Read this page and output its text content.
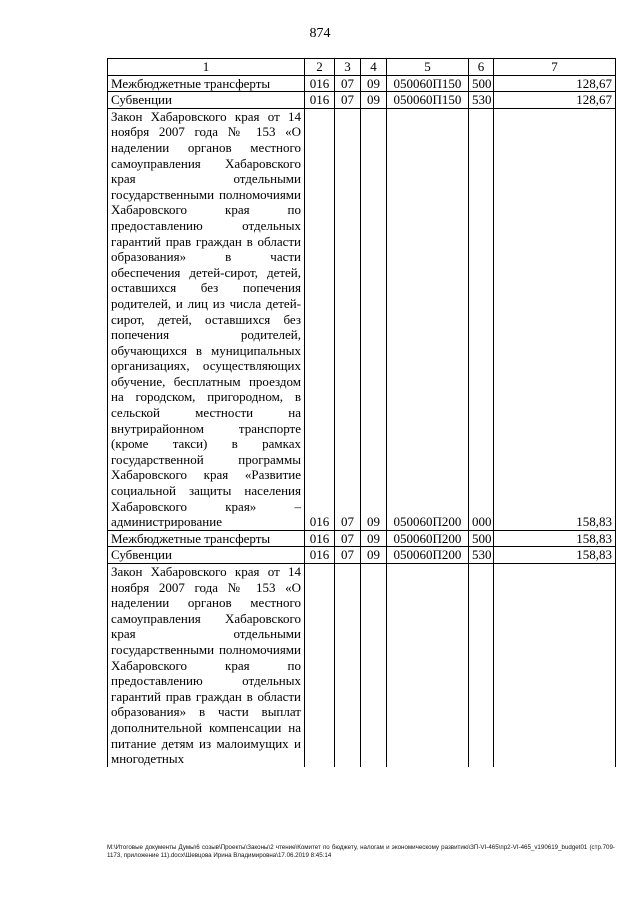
874
1	2	3	4	5	6	7
Межбюджетные трансферты	016	07	09	050060П150	500	128,67
Субвенции	016	07	09	050060П150	530	128,67

Закон Хабаровского края от 14 ноября 2007 года № 153 «О наделении органов местного самоуправления Хабаровского края отдельными государственными полномочиями Хабаровского края по предоставлению отдельных гарантий прав граждан в области образования» в части обеспечения детей-сирот, детей, оставшихся без попечения родителей, и лиц из числа детей-сирот, детей, оставшихся без попечения родителей, обучающихся в муниципальных организациях, осуществляющих обучение, бесплатным проездом на городском, пригородном, в сельской местности на внутрирайонном транспорте (кроме такси) в рамках государственной программы Хабаровского края «Развитие социальной защиты населения Хабаровского края» – администрирование	016	07	09	050060П200	000	158,83
Межбюджетные трансферты	016	07	09	050060П200	500	158,83
Субвенции	016	07	09	050060П200	530	158,83

Закон Хабаровского края от 14 ноября 2007 года № 153 «О наделении органов местного самоуправления Хабаровского края отдельными государственными полномочиями Хабаровского края по предоставлению отдельных гарантий прав граждан в области образования» в части выплат дополнительной компенсации на питание детям из малоимущих и многодетных						

М:\Итоговые документы Думы\6 созыв\Проекты\Законы\2 чтение\Комитет по бюджету, налогам и экономическому развитию\ЗП-VI-465\пр2-VI-465_v190619_budget01 (стр.709-1173, приложение 11).docx\Шевцова Ирина Владимировна\17.06.2019 8:45:14
